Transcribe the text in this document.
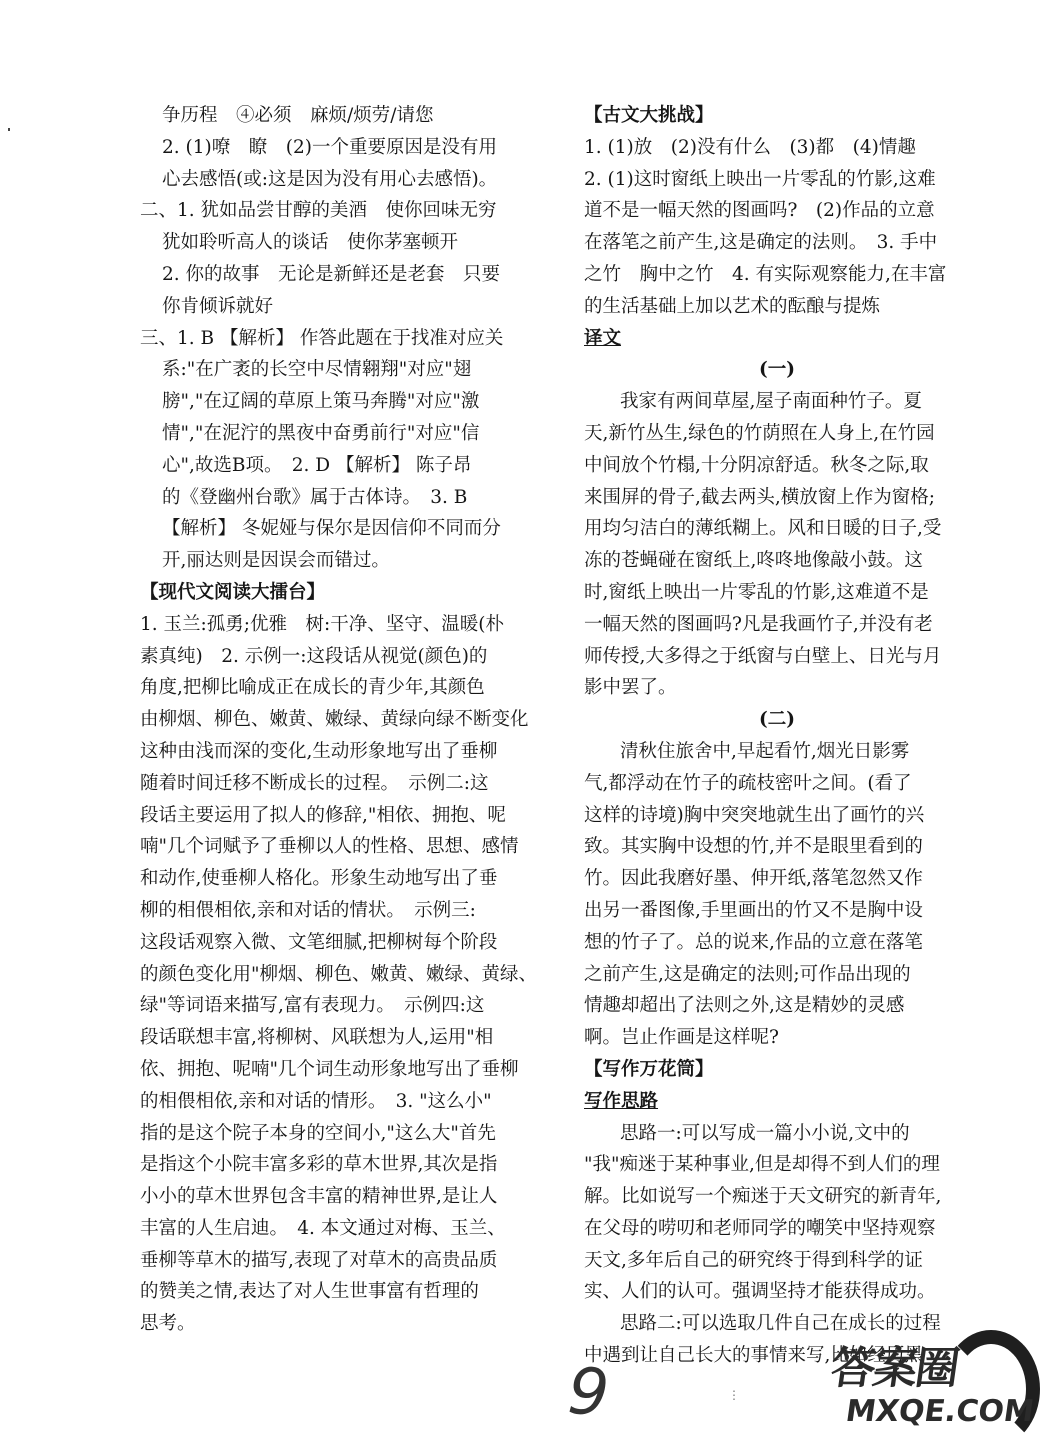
争历程　④必须　麻烦/烦劳/请您

2. (1)嘹　瞭　(2)一个重要原因是没有用

心去感悟(或:这是因为没有用心去感悟)。

二、1. 犹如品尝甘醇的美酒　使你回味无穷

犹如聆听高人的谈话　使你茅塞顿开

2. 你的故事　无论是新鲜还是老套　只要

你肯倾诉就好

三、1. B 【解析】 作答此题在于找准对应关

系:"在广袤的长空中尽情翱翔"对应"翅

膀","在辽阔的草原上策马奔腾"对应"激

情","在泥泞的黑夜中奋勇前行"对应"信

心",故选B项。　2. D 【解析】 陈子昂

的《登幽州台歌》属于古体诗。　3. B

【解析】 冬妮娅与保尔是因信仰不同而分

开,丽达则是因误会而错过。

【现代文阅读大擂台】

1. 玉兰:孤勇;优雅　树:干净、坚守、温暖(朴

素真纯)　2. 示例一:这段话从视觉(颜色)的

角度,把柳比喻成正在成长的青少年,其颜色

由柳烟、柳色、嫩黄、嫩绿、黄绿向绿不断变化

这种由浅而深的变化,生动形象地写出了垂柳

随着时间迁移不断成长的过程。　示例二:这

段话主要运用了拟人的修辞,"相依、拥抱、呢

喃"几个词赋予了垂柳以人的性格、思想、感情

和动作,使垂柳人格化。形象生动地写出了垂

柳的相偎相依,亲和对话的情状。　示例三:

这段话观察入微、文笔细腻,把柳树每个阶段

的颜色变化用"柳烟、柳色、嫩黄、嫩绿、黄绿、

绿"等词语来描写,富有表现力。　示例四:这

段话联想丰富,将柳树、风联想为人,运用"相

依、拥抱、呢喃"几个词生动形象地写出了垂柳

的相偎相依,亲和对话的情形。　3. "这么小"

指的是这个院子本身的空间小,"这么大"首先

是指这个小院丰富多彩的草木世界,其次是指

小小的草木世界包含丰富的精神世界,是让人

丰富的人生启迪。　4. 本文通过对梅、玉兰、

垂柳等草木的描写,表现了对草木的高贵品质

的赞美之情,表达了对人生世事富有哲理的

思考。

【古文大挑战】

1. (1)放　(2)没有什么　(3)都　(4)情趣

2. (1)这时窗纸上映出一片零乱的竹影,这难

道不是一幅天然的图画吗?　(2)作品的立意

在落笔之前产生,这是确定的法则。　3. 手中

之竹　胸中之竹　4. 有实际观察能力,在丰富

的生活基础上加以艺术的酝酿与提炼

译文

(一)

我家有两间草屋,屋子南面种竹子。夏

天,新竹丛生,绿色的竹荫照在人身上,在竹园

中间放个竹榻,十分阴凉舒适。秋冬之际,取

来围屏的骨子,截去两头,横放窗上作为窗格;

用均匀洁白的薄纸糊上。风和日暖的日子,受

冻的苍蝇碰在窗纸上,咚咚地像敲小鼓。这

时,窗纸上映出一片零乱的竹影,这难道不是

一幅天然的图画吗?凡是我画竹子,并没有老

师传授,大多得之于纸窗与白壁上、日光与月

影中罢了。

(二)

清秋住旅舍中,早起看竹,烟光日影雾

气,都浮动在竹子的疏枝密叶之间。(看了

这样的诗境)胸中突突地就生出了画竹的兴

致。其实胸中设想的竹,并不是眼里看到的

竹。因此我磨好墨、伸开纸,落笔忽然又作

出另一番图像,手里画出的竹又不是胸中设

想的竹子了。总的说来,作品的立意在落笔

之前产生,这是确定的法则;可作品出现的

情趣却超出了法则之外,这是精妙的灵感

啊。岂止作画是这样呢?

【写作万花筒】

写作思路

思路一:可以写成一篇小小说,文中的

"我"痴迷于某种事业,但是却得不到人们的理

解。比如说写一个痴迷于天文研究的新青年,

在父母的唠叨和老师同学的嘲笑中坚持观察

天文,多年后自己的研究终于得到科学的证

实、人们的认可。强调坚持才能获得成功。

思路二:可以选取几件自己在成长的过程

中遇到让自己长大的事情来写,比如经历黑

9	⋮
答案圈
MXQE.COM
